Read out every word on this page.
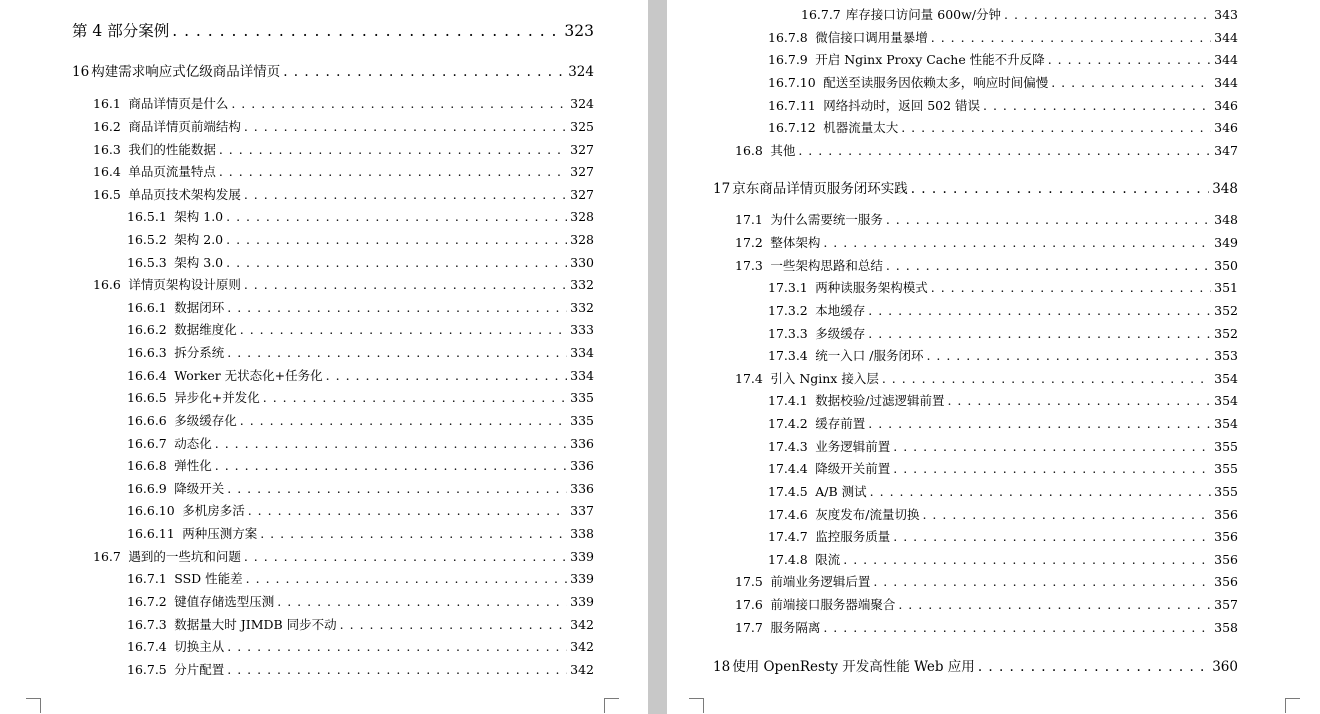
第 4 部分案例 . . .	323
16 构建需求响应式亿级商品详情页 . . .	324
16.1 商品详情页是什么 . . .	324
16.2 商品详情页前端结构 . . .	325
16.3 我们的性能数据 . . .	327
16.4 单品页流量特点 . . .	327
16.5 单品页技术架构发展 . . .	327
16.5.1 架构 1.0 . . .	328
16.5.2 架构 2.0 . . .	328
16.5.3 架构 3.0 . . .	330
16.6 详情页架构设计原则 . . .	332
16.6.1 数据闭环 . . .	332
16.6.2 数据维度化 . . .	333
16.6.3 拆分系统 . . .	334
16.6.4 Worker 无状态化+任务化 . . .	334
16.6.5 异步化+并发化 . . .	335
16.6.6 多级缓存化 . . .	335
16.6.7 动态化 . . .	336
16.6.8 弹性化 . . .	336
16.6.9 降级开关 . . .	336
16.6.10 多机房多活 . . .	337
16.6.11 两种压测方案 . . .	338
16.7 遇到的一些坑和问题 . . .	339
16.7.1 SSD 性能差 . . .	339
16.7.2 键值存储选型压测 . . .	339
16.7.3 数据量大时 JIMDB 同步不动 . . .	342
16.7.4 切换主从 . . .	342
16.7.5 分片配置 . . .	342
16.7.7 库存接口访问量 600w/分钟 . . .	343
16.7.8 微信接口调用量暴增 . . .	344
16.7.9 开启 Nginx Proxy Cache 性能不升反降 . . .	344
16.7.10 配送至读服务因依赖太多，响应时间偏慢 . . .	344
16.7.11 网络抖动时，返回 502 错误 . . .	346
16.7.12 机器流量太大 . . .	346
16.8 其他 . . .	347
17 京东商品详情页服务闭环实践 . . .	348
17.1 为什么需要统一服务 . . .	348
17.2 整体架构 . . .	349
17.3 一些架构思路和总结 . . .	350
17.3.1 两种读服务架构模式 . . .	351
17.3.2 本地缓存 . . .	352
17.3.3 多级缓存 . . .	352
17.3.4 统一入口 /服务闭环 . . .	353
17.4 引入 Nginx 接入层 . . .	354
17.4.1 数据校验/过滤逻辑前置 . . .	354
17.4.2 缓存前置 . . .	354
17.4.3 业务逻辑前置 . . .	355
17.4.4 降级开关前置 . . .	355
17.4.5 A/B 测试 . . .	355
17.4.6 灰度发布/流量切换 . . .	356
17.4.7 监控服务质量 . . .	356
17.4.8 限流 . . .	356
17.5 前端业务逻辑后置 . . .	356
17.6 前端接口服务器端聚合 . . .	357
17.7 服务隔离 . . .	358
18 使用 OpenResty 开发高性能 Web 应用 . . .	360
